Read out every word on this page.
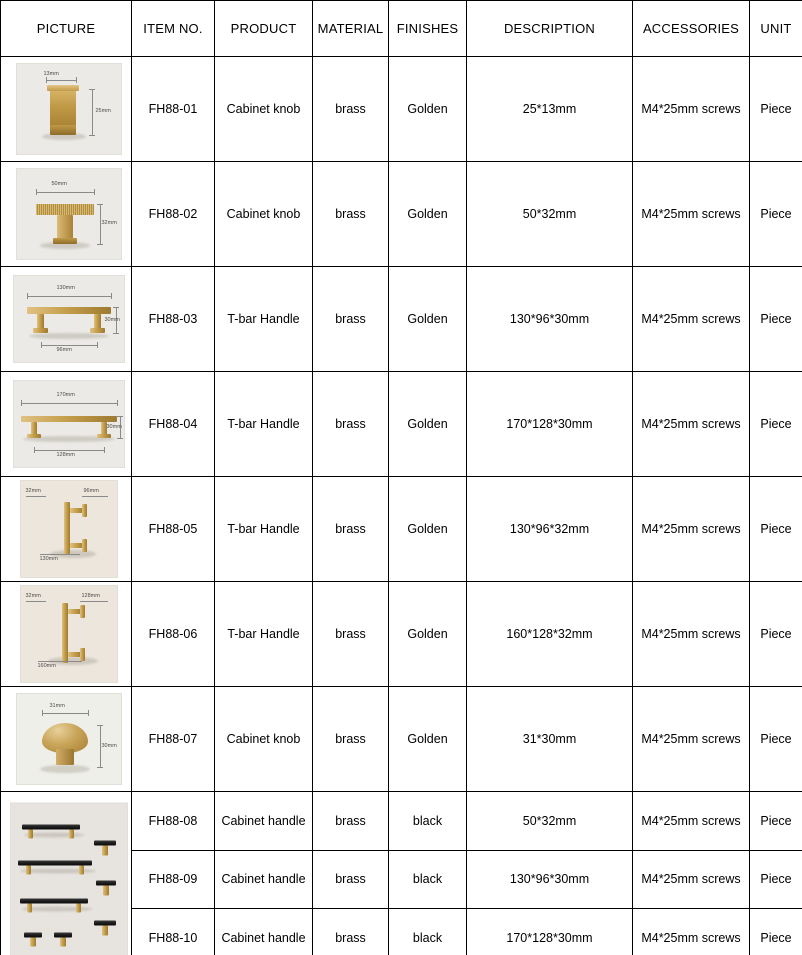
PICTURE	ITEM NO.	PRODUCT	MATERIAL	FINISHES	DESCRIPTION	ACCESSORIES	UNIT

13mm
25mm	FH88-01	Cabinet knob	brass	Golden	25*13mm	M4*25mm screws	Piece

50mm
32mm	FH88-02	Cabinet knob	brass	Golden	50*32mm	M4*25mm screws	Piece

130mm
30mm
96mm	FH88-03	T-bar Handle	brass	Golden	130*96*30mm	M4*25mm screws	Piece

170mm
30mm
128mm	FH88-04	T-bar Handle	brass	Golden	170*128*30mm	M4*25mm screws	Piece

32mm 96mm
130mm	FH88-05	T-bar Handle	brass	Golden	130*96*32mm	M4*25mm screws	Piece

32mm 128mm
160mm	FH88-06	T-bar Handle	brass	Golden	160*128*32mm	M4*25mm screws	Piece

31mm
30mm	FH88-07	Cabinet knob	brass	Golden	31*30mm	M4*25mm screws	Piece

	FH88-08	Cabinet handle	brass	black	50*32mm	M4*25mm screws	Piece
	FH88-09	Cabinet handle	brass	black	130*96*30mm	M4*25mm screws	Piece
	FH88-10	Cabinet handle	brass	black	170*128*30mm	M4*25mm screws	Piece
